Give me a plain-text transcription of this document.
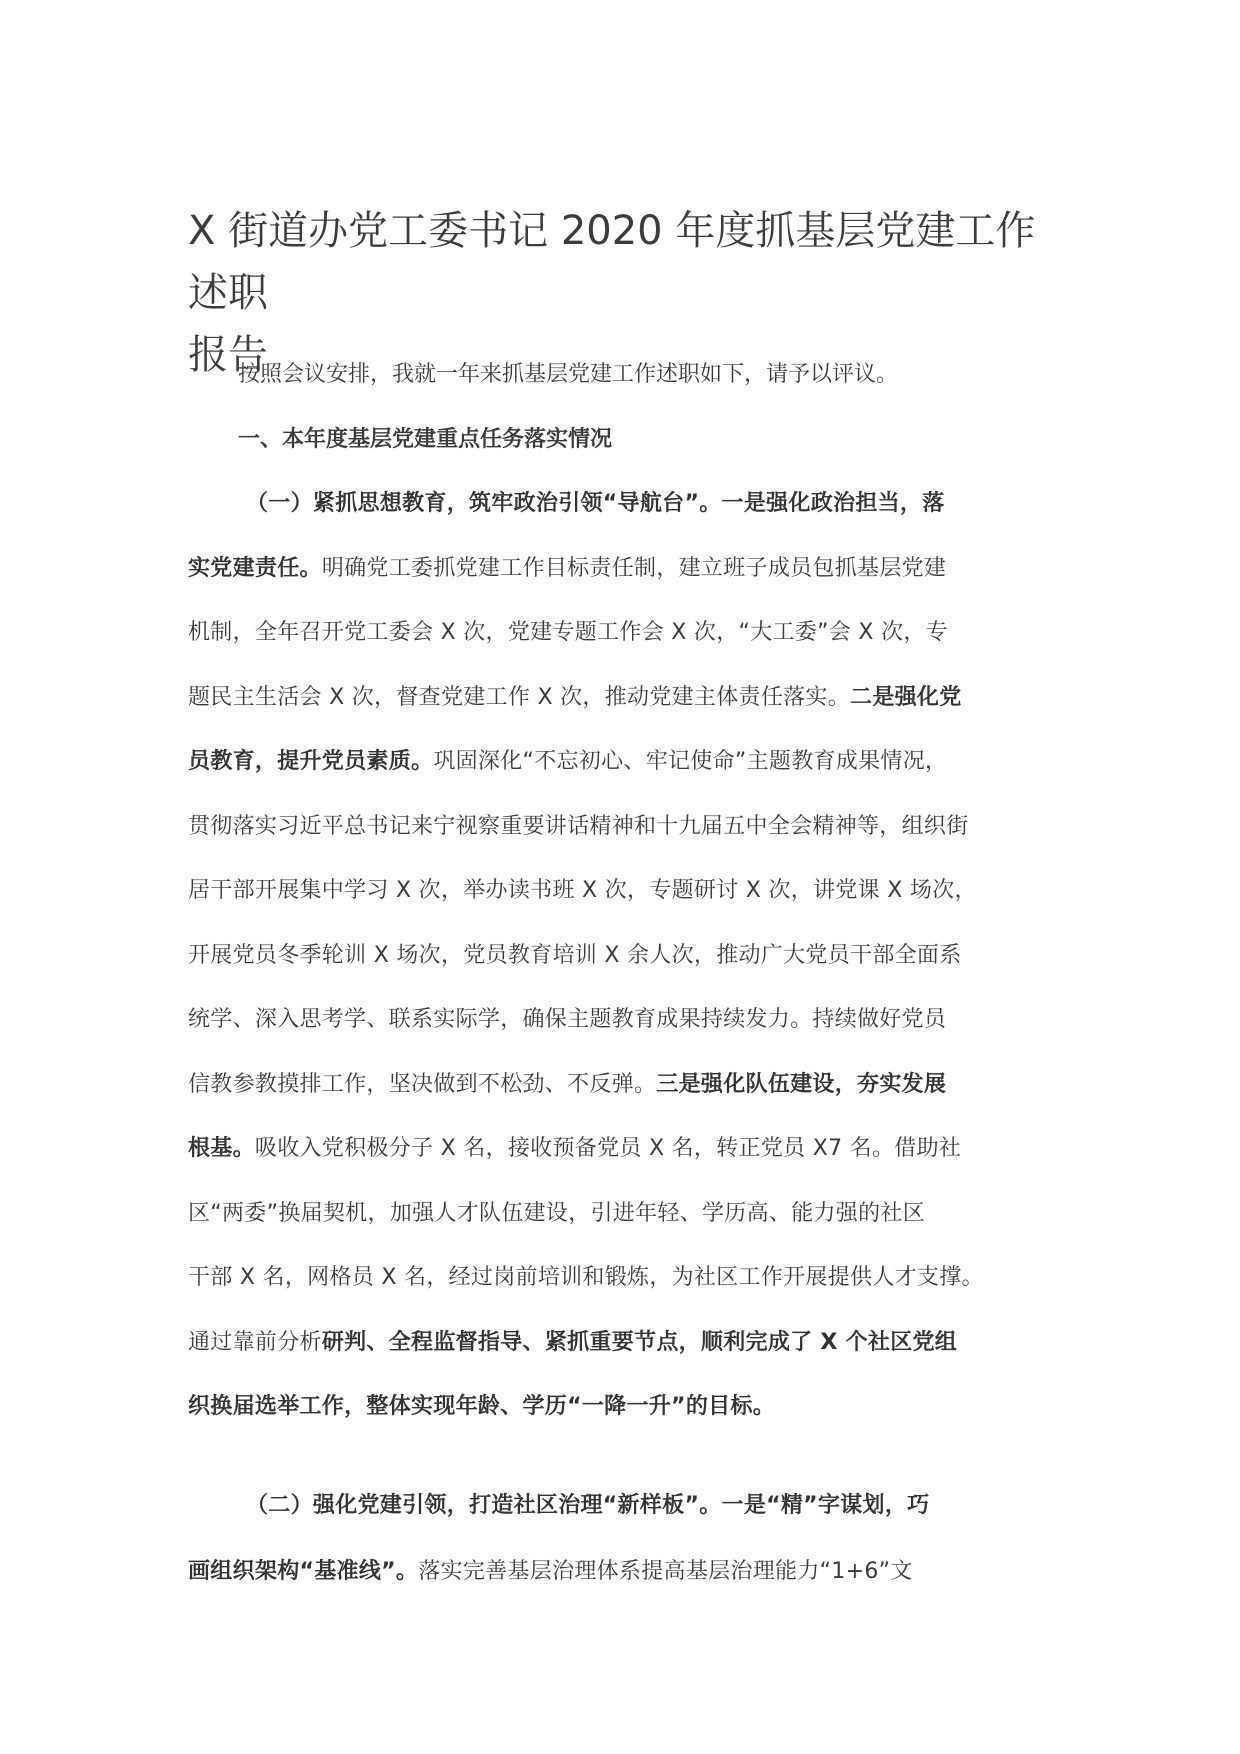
X 街道办党工委书记 2020 年度抓基层党建工作述职
报告
按照会议安排，我就一年来抓基层党建工作述职如下，请予以评议。
一、本年度基层党建重点任务落实情况
（一）紧抓思想教育，筑牢政治引领“导航台”。一是强化政治担当，落
实党建责任。明确党工委抓党建工作目标责任制，建立班子成员包抓基层党建
机制，全年召开党工委会 X 次，党建专题工作会 X 次，“大工委”会 X 次，专
题民主生活会 X 次，督查党建工作 X 次，推动党建主体责任落实。二是强化党
员教育，提升党员素质。巩固深化“不忘初心、牢记使命”主题教育成果情况，
贯彻落实习近平总书记来宁视察重要讲话精神和十九届五中全会精神等，组织街
居干部开展集中学习 X 次，举办读书班 X 次，专题研讨 X 次，讲党课 X 场次，
开展党员冬季轮训 X 场次，党员教育培训 X 余人次，推动广大党员干部全面系
统学、深入思考学、联系实际学，确保主题教育成果持续发力。持续做好党员
信教参教摸排工作，坚决做到不松劲、不反弹。三是强化队伍建设，夯实发展
根基。吸收入党积极分子 X 名，接收预备党员 X 名，转正党员 X7 名。借助社
区“两委”换届契机，加强人才队伍建设，引进年轻、学历高、能力强的社区
干部 X 名，网格员 X 名，经过岗前培训和锻炼，为社区工作开展提供人才支撑。
通过靠前分析研判、全程监督指导、紧抓重要节点，顺利完成了 X 个社区党组
织换届选举工作，整体实现年龄、学历“一降一升”的目标。
（二）强化党建引领，打造社区治理“新样板”。一是“精”字谋划，巧
画组织架构“基准线”。落实完善基层治理体系提高基层治理能力“1+6”文
